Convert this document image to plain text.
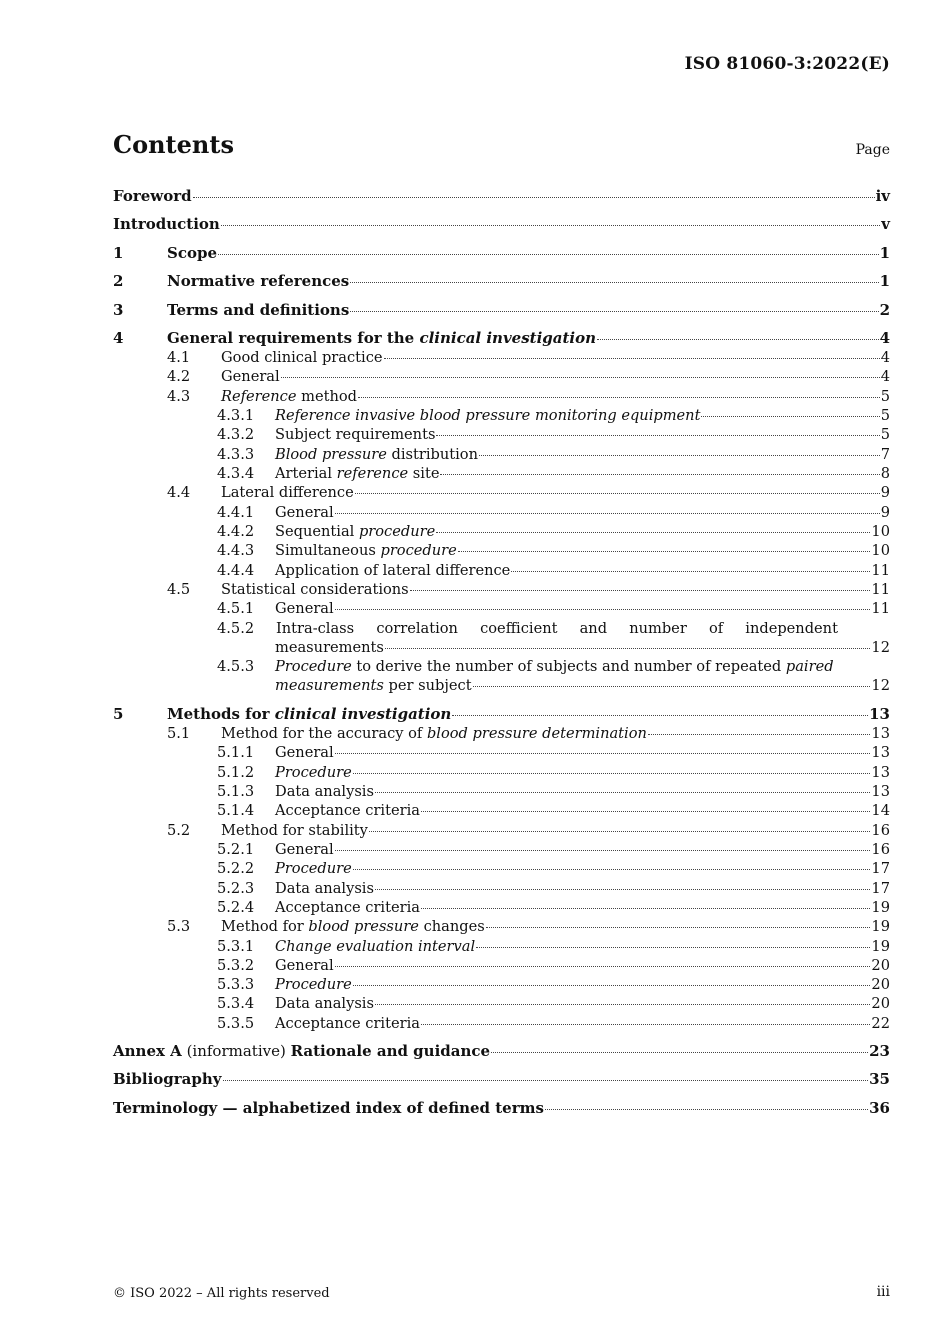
ISO 81060-3:2022(E)
Contents	Page
Foreword	iv
Introduction	v
1	Scope	1
2	Normative references	1
3	Terms and definitions	2
4	General requirements for the clinical investigation	4
4.1	Good clinical practice	4
4.2	General	4
4.3	Reference method	5
4.3.1	Reference invasive blood pressure monitoring equipment	5
4.3.2	Subject requirements	5
4.3.3	Blood pressure distribution	7
4.3.4	Arterial reference site	8
4.4	Lateral difference	9
4.4.1	General	9
4.4.2	Sequential procedure	10
4.4.3	Simultaneous procedure	10
4.4.4	Application of lateral difference	11
4.5	Statistical considerations	11
4.5.1	General	11
4.5.2	Intra-class correlation coefficient and number of independent
measurements	12
4.5.3	Procedure to derive the number of subjects and number of repeated paired
measurements per subject	12
5	Methods for clinical investigation	13
5.1	Method for the accuracy of blood pressure determination	13
5.1.1	General	13
5.1.2	Procedure	13
5.1.3	Data analysis	13
5.1.4	Acceptance criteria	14
5.2	Method for stability	16
5.2.1	General	16
5.2.2	Procedure	17
5.2.3	Data analysis	17
5.2.4	Acceptance criteria	19
5.3	Method for blood pressure changes	19
5.3.1	Change evaluation interval	19
5.3.2	General	20
5.3.3	Procedure	20
5.3.4	Data analysis	20
5.3.5	Acceptance criteria	22
Annex A (informative) Rationale and guidance	23
Bibliography	35
Terminology — alphabetized index of defined terms	36
© ISO 2022 – All rights reserved	iii
